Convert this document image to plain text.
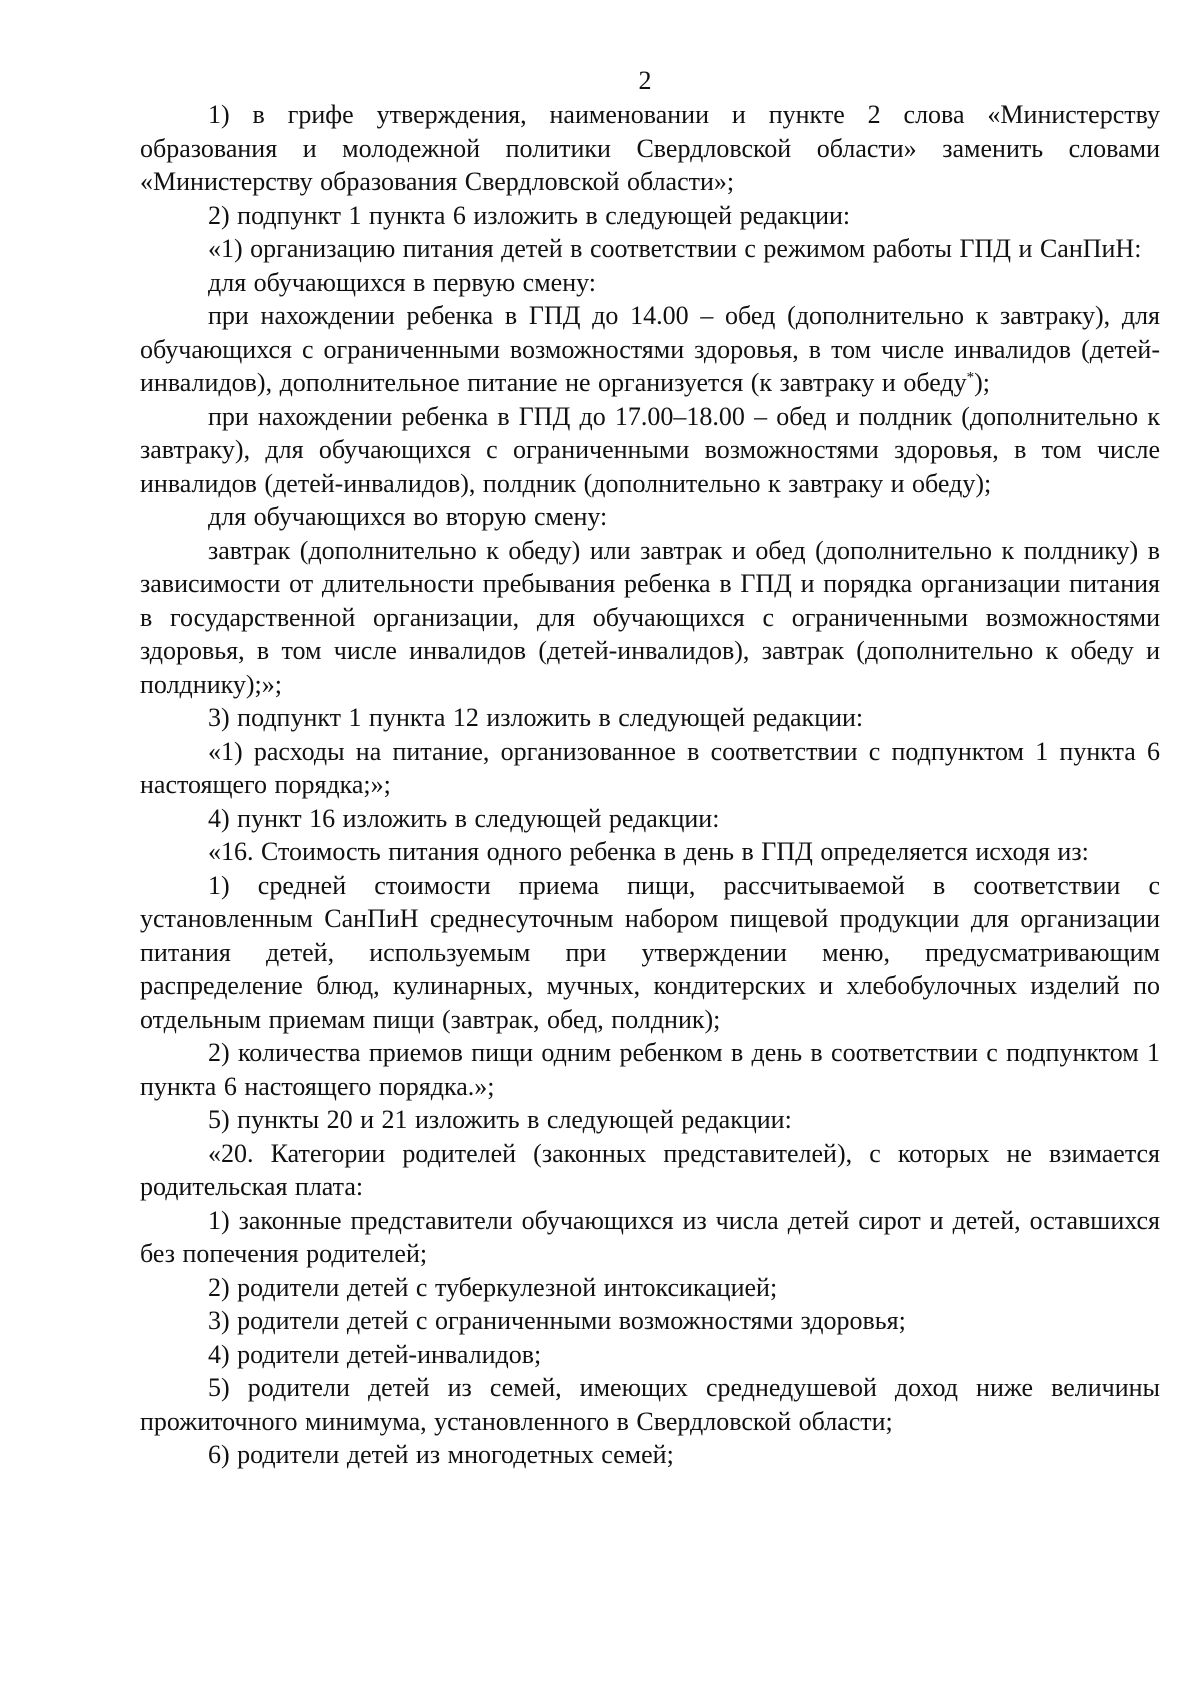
2

1) в грифе утверждения, наименовании и пункте 2 слова «Министерству образования и молодежной политики Свердловской области» заменить словами «Министерству образования Свердловской области»;

2) подпункт 1 пункта 6 изложить в следующей редакции:

«1) организацию питания детей в соответствии с режимом работы ГПД и СанПиН:

для обучающихся в первую смену:

при нахождении ребенка в ГПД до 14.00 – обед (дополнительно к завтраку), для обучающихся с ограниченными возможностями здоровья, в том числе инвалидов (детей-инвалидов), дополнительное питание не организуется (к завтраку и обеду*);

при нахождении ребенка в ГПД до 17.00–18.00 – обед и полдник (дополнительно к завтраку), для обучающихся с ограниченными возможностями здоровья, в том числе инвалидов (детей-инвалидов), полдник (дополнительно к завтраку и обеду);

для обучающихся во вторую смену:

завтрак (дополнительно к обеду) или завтрак и обед (дополнительно к полднику) в зависимости от длительности пребывания ребенка в ГПД и порядка организации питания в государственной организации, для обучающихся с ограниченными возможностями здоровья, в том числе инвалидов (детей-инвалидов), завтрак (дополнительно к обеду и полднику);»;

3) подпункт 1 пункта 12 изложить в следующей редакции:

«1) расходы на питание, организованное в соответствии с подпунктом 1 пункта 6 настоящего порядка;»;

4) пункт 16 изложить в следующей редакции:

«16. Стоимость питания одного ребенка в день в ГПД определяется исходя из:

1) средней стоимости приема пищи, рассчитываемой в соответствии с установленным СанПиН среднесуточным набором пищевой продукции для организации питания детей, используемым при утверждении меню, предусматривающим распределение блюд, кулинарных, мучных, кондитерских и хлебобулочных изделий по отдельным приемам пищи (завтрак, обед, полдник);

2) количества приемов пищи одним ребенком в день в соответствии с подпунктом 1 пункта 6 настоящего порядка.»;

5) пункты 20 и 21 изложить в следующей редакции:

«20. Категории родителей (законных представителей), с которых не взимается родительская плата:

1) законные представители обучающихся из числа детей сирот и детей, оставшихся без попечения родителей;

2) родители детей с туберкулезной интоксикацией;

3) родители детей с ограниченными возможностями здоровья;

4) родители детей-инвалидов;

5) родители детей из семей, имеющих среднедушевой доход ниже величины прожиточного минимума, установленного в Свердловской области;

6) родители детей из многодетных семей;
